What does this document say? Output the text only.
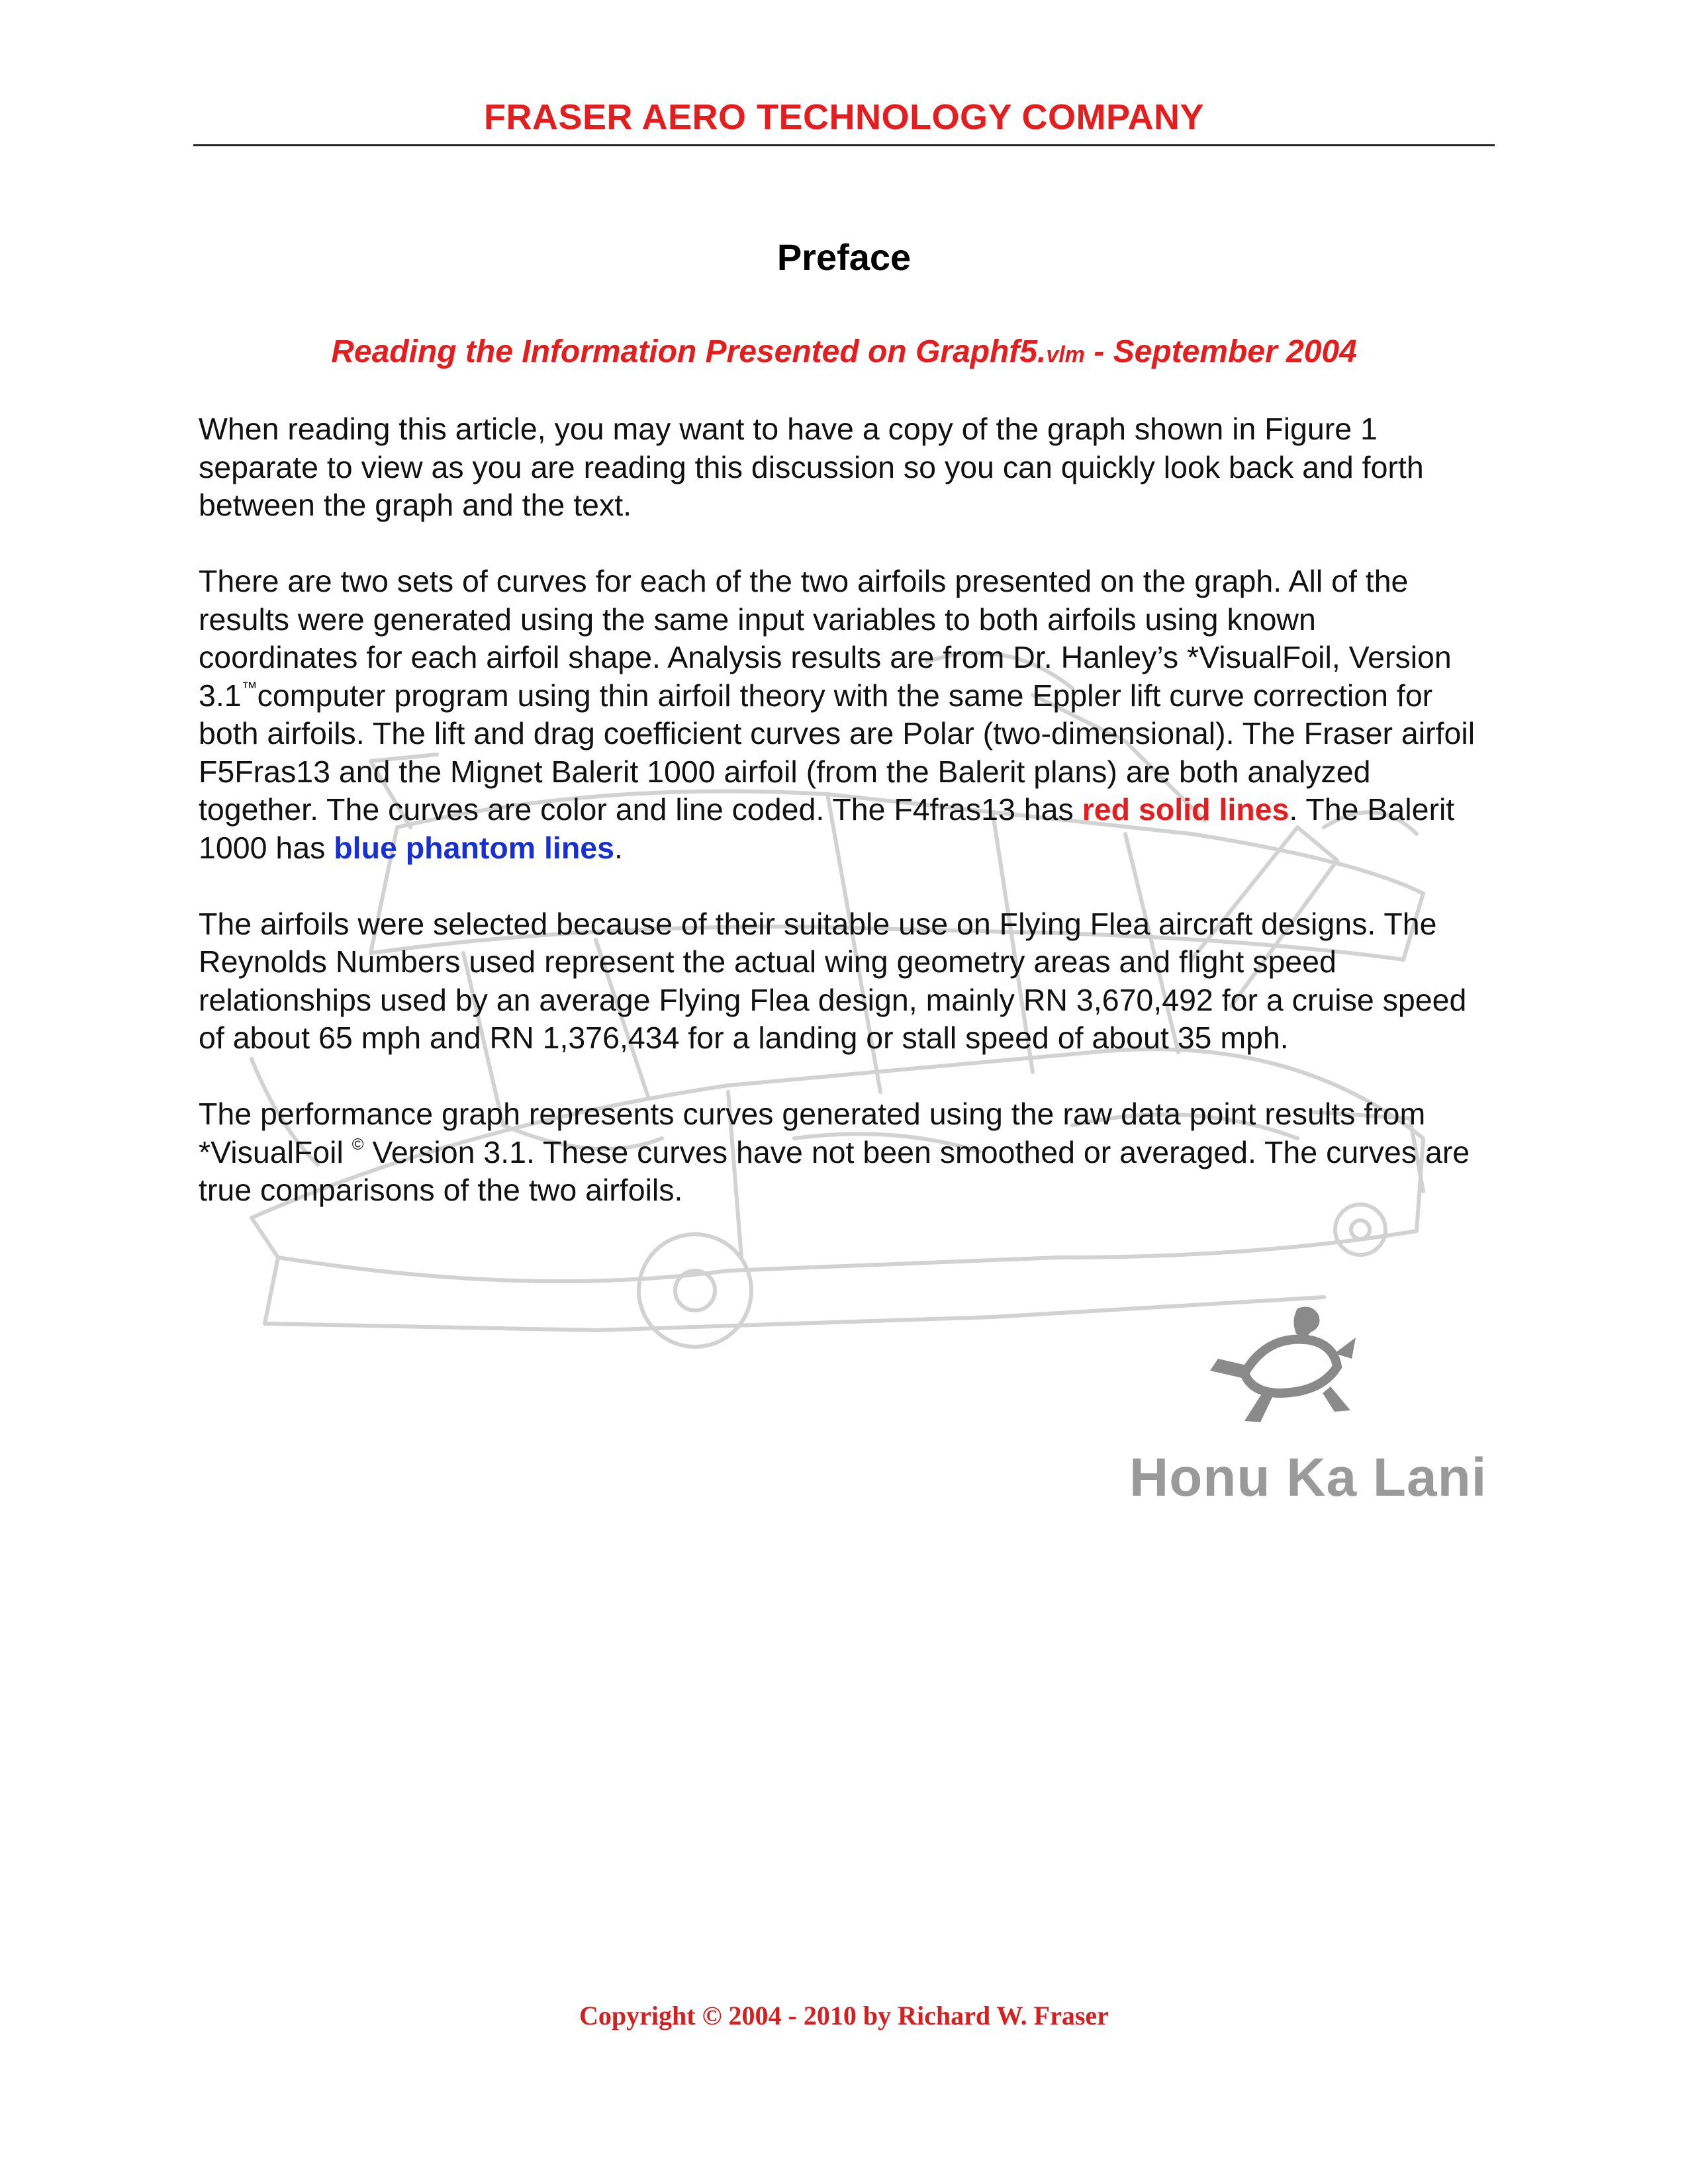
FRASER AERO TECHNOLOGY COMPANY
Preface
Reading the Information Presented on Graphf5.vlm - September 2004

When reading this article, you may want to have a copy of the graph shown in Figure 1 separate to view as you are reading this discussion so you can quickly look back and forth between the graph and the text.

There are two sets of curves for each of the two airfoils presented on the graph. All of the results were generated using the same input variables to both airfoils using known coordinates for each airfoil shape. Analysis results are from Dr. Hanley’s *VisualFoil, Version 3.1™computer program using thin airfoil theory with the same Eppler lift curve correction for both airfoils. The lift and drag coefficient curves are Polar (two-dimensional). The Fraser airfoil F5Fras13 and the Mignet Balerit 1000 airfoil (from the Balerit plans) are both analyzed together. The curves are color and line coded. The F4fras13 has red solid lines. The Balerit 1000 has blue phantom lines.

The airfoils were selected because of their suitable use on Flying Flea aircraft designs. The Reynolds Numbers used represent the actual wing geometry areas and flight speed relationships used by an average Flying Flea design, mainly RN 3,670,492 for a cruise speed of about 65 mph and RN 1,376,434 for a landing or stall speed of about 35 mph.

The performance graph represents curves generated using the raw data point results from *VisualFoil © Version 3.1. These curves have not been smoothed or averaged. The curves are true comparisons of the two airfoils.

Honu Ka Lani
Copyright © 2004 - 2010 by Richard W. Fraser
